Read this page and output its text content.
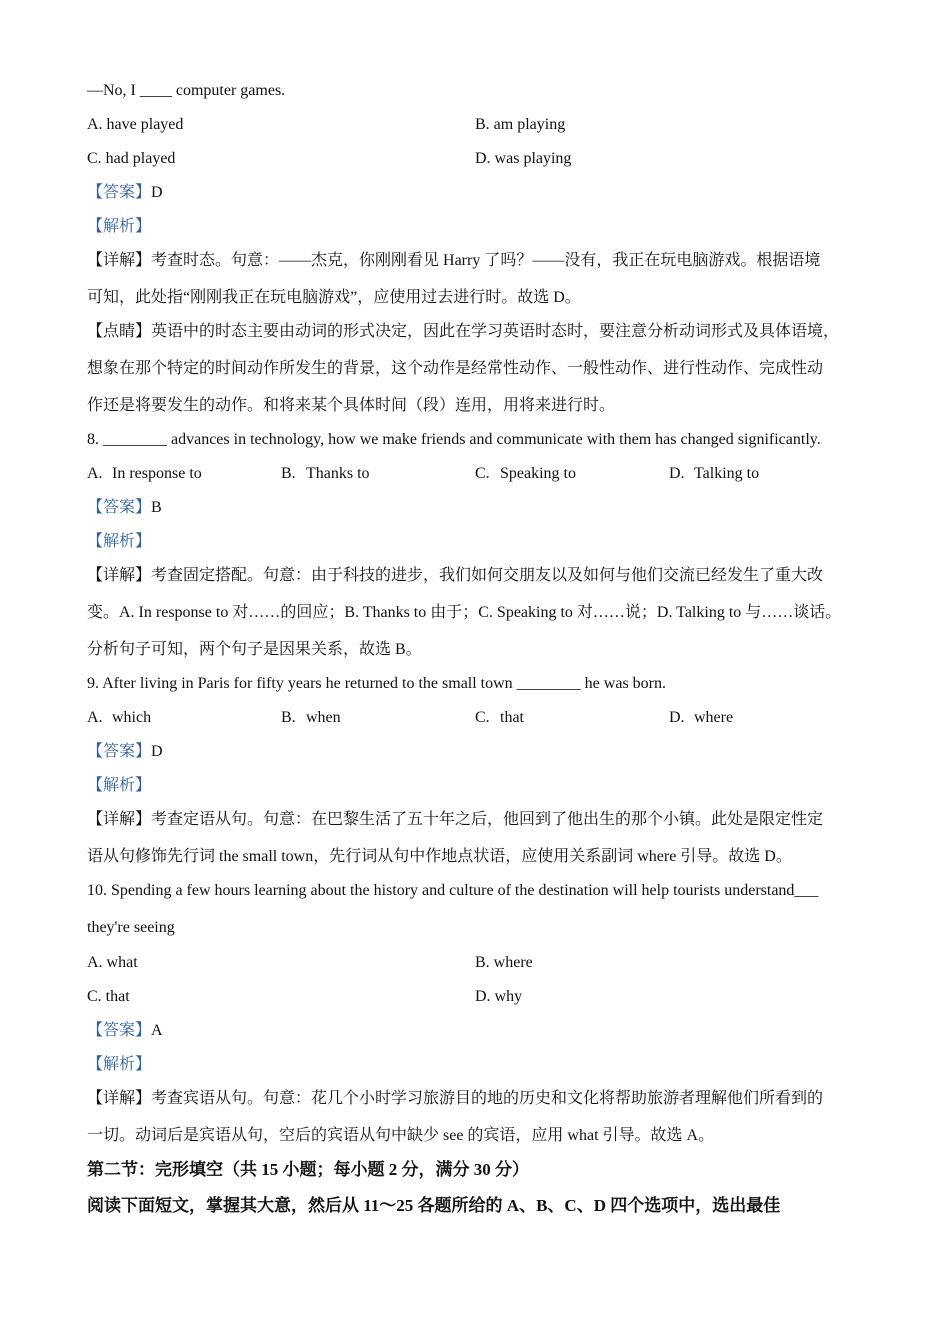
—No, I ____ computer games.

A. have played	B. am playing

C. had played	D. was playing

【答案】D

【解析】

【详解】考查时态。句意：——杰克，你刚刚看见 Harry 了吗？——没有，我正在玩电脑游戏。根据语境

可知，此处指“刚刚我正在玩电脑游戏”，应使用过去进行时。故选 D。

【点睛】英语中的时态主要由动词的形式决定，因此在学习英语时态时，要注意分析动词形式及具体语境，

想象在那个特定的时间动作所发生的背景，这个动作是经常性动作、一般性动作、进行性动作、完成性动

作还是将要发生的动作。和将来某个具体时间（段）连用，用将来进行时。

8. ________ advances in technology, how we make friends and communicate with them has changed significantly.

A. In response to	B. Thanks to	C. Speaking to	D. Talking to

【答案】B

【解析】

【详解】考查固定搭配。句意：由于科技的进步，我们如何交朋友以及如何与他们交流已经发生了重大改

变。A. In response to 对……的回应；B. Thanks to 由于；C. Speaking to 对……说；D. Talking to 与……谈话。

分析句子可知，两个句子是因果关系，故选 B。

9. After living in Paris for fifty years he returned to the small town ________ he was born.

A. which	B. when	C. that	D. where

【答案】D

【解析】

【详解】考查定语从句。句意：在巴黎生活了五十年之后，他回到了他出生的那个小镇。此处是限定性定

语从句修饰先行词 the small town，先行词从句中作地点状语，应使用关系副词 where 引导。故选 D。

10. Spending a few hours learning about the history and culture of the destination will help tourists understand___

they're seeing

A. what	B. where

C. that	D. why

【答案】A

【解析】

【详解】考查宾语从句。句意：花几个小时学习旅游目的地的历史和文化将帮助旅游者理解他们所看到的

一切。动词后是宾语从句，空后的宾语从句中缺少 see 的宾语，应用 what 引导。故选 A。

第二节：完形填空（共 15 小题；每小题 2 分，满分 30 分）

阅读下面短文，掌握其大意，然后从 11～25 各题所给的 A、B、C、D 四个选项中，选出最佳
